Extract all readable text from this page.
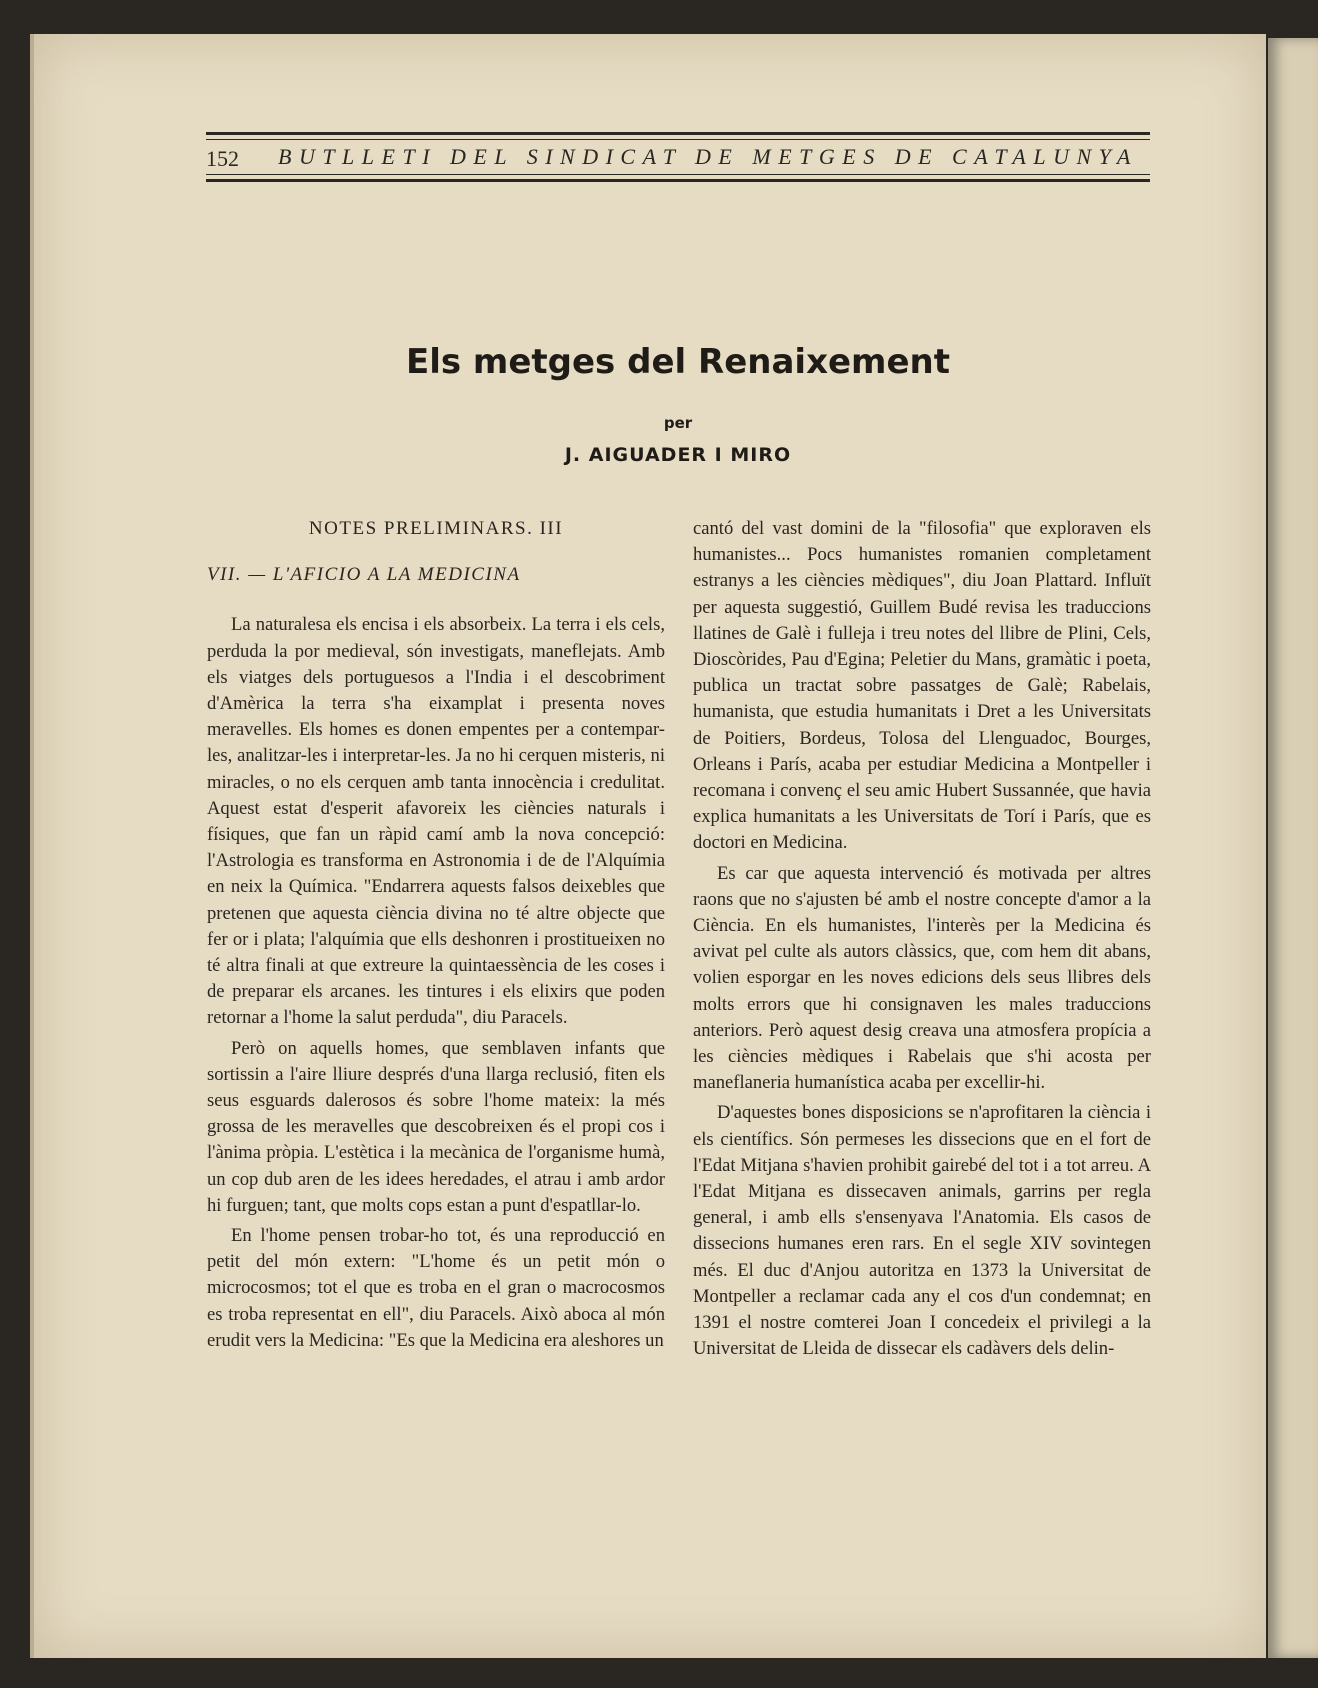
152 BUTLLETI DEL SINDICAT DE METGES DE CATALUNYA
Els metges del Renaixement
per
J. AIGUADER I MIRO
NOTES PRELIMINARS. III
VII. — L'AFICIO A LA MEDICINA

La naturalesa els encisa i els absorbeix. La terra i els cels, perduda la por medieval, són investigats, maneflejats. Amb els viatges dels portuguesos a l'India i el descobriment d'Amèrica la terra s'ha eixamplat i presenta noves meravelles. Els homes es donen empentes per a contempar-les, analitzar-les i interpretar-les. Ja no hi cerquen misteris, ni miracles, o no els cerquen amb tanta innocència i credulitat. Aquest estat d'esperit afavoreix les ciències naturals i físiques, que fan un ràpid camí amb la nova concepció: l'Astrologia es transforma en Astronomia i de de l'Alquímia en neix la Química. "Endarrera aquests falsos deixebles que pretenen que aquesta ciència divina no té altre objecte que fer or i plata; l'alquímia que ells deshonren i prostitueixen no té altra finali at que extreure la quintaessència de les coses i de preparar els arcanes. les tintures i els elixirs que poden retornar a l'home la salut perduda", diu Paracels.

Però on aquells homes, que semblaven infants que sortissin a l'aire lliure després d'una llarga reclusió, fiten els seus esguards dalerosos és sobre l'home mateix: la més grossa de les meravelles que descobreixen és el propi cos i l'ànima pròpia. L'estètica i la mecànica de l'organisme humà, un cop dub aren de les idees heredades, el atrau i amb ardor hi furguen; tant, que molts cops estan a punt d'espatllar-lo.

En l'home pensen trobar-ho tot, és una reproducció en petit del món extern: "L'home és un petit món o microcosmos; tot el que es troba en el gran o macrocosmos es troba representat en ell", diu Paracels. Això aboca al món erudit vers la Medicina: "Es que la Medicina era aleshores un

cantó del vast domini de la "filosofia" que exploraven els humanistes... Pocs humanistes romanien completament estranys a les ciències mèdiques", diu Joan Plattard. Influït per aquesta suggestió, Guillem Budé revisa les traduccions llatines de Galè i fulleja i treu notes del llibre de Plini, Cels, Dioscòrides, Pau d'Egina; Peletier du Mans, gramàtic i poeta, publica un tractat sobre passatges de Galè; Rabelais, humanista, que estudia humanitats i Dret a les Universitats de Poitiers, Bordeus, Tolosa del Llenguadoc, Bourges, Orleans i París, acaba per estudiar Medicina a Montpeller i recomana i convenç el seu amic Hubert Sussannée, que havia explica humanitats a les Universitats de Torí i París, que es doctori en Medicina.

Es car que aquesta intervenció és motivada per altres raons que no s'ajusten bé amb el nostre concepte d'amor a la Ciència. En els humanistes, l'interès per la Medicina és avivat pel culte als autors clàssics, que, com hem dit abans, volien esporgar en les noves edicions dels seus llibres dels molts errors que hi consignaven les males traduccions anteriors. Però aquest desig creava una atmosfera propícia a les ciències mèdiques i Rabelais que s'hi acosta per maneflaneria humanística acaba per excellir-hi.

D'aquestes bones disposicions se n'aprofitaren la ciència i els científics. Són permeses les dissecions que en el fort de l'Edat Mitjana s'havien prohibit gairebé del tot i a tot arreu. A l'Edat Mitjana es dissecaven animals, garrins per regla general, i amb ells s'ensenyava l'Anatomia. Els casos de dissecions humanes eren rars. En el segle XIV sovintegen més. El duc d'Anjou autoritza en 1373 la Universitat de Montpeller a reclamar cada any el cos d'un condemnat; en 1391 el nostre comterei Joan I concedeix el privilegi a la Universitat de Lleida de dissecar els cadàvers dels delin-
